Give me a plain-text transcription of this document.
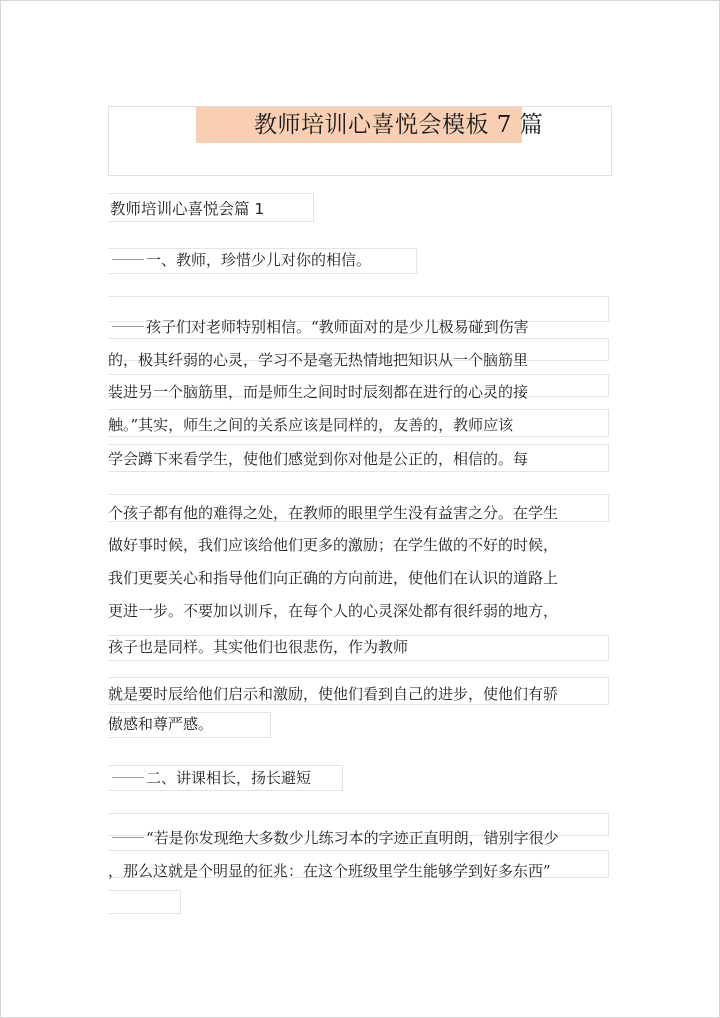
教师培训心喜悦会模板 7 篇
教师培训心喜悦会篇 1
一、教师，珍惜少儿对你的相信。
孩子们对老师特别相信。“教师面对的是少儿极易碰到伤害
的，极其纤弱的心灵，学习不是毫无热情地把知识从一个脑筋里
装进另一个脑筋里，而是师生之间时时辰刻都在进行的心灵的接
触。”其实，师生之间的关系应该是同样的，友善的，教师应该
学会蹲下来看学生，使他们感觉到你对他是公正的，相信的。每
个孩子都有他的难得之处，在教师的眼里学生没有益害之分。在学生
做好事时候，我们应该给他们更多的激励；在学生做的不好的时候，
我们更要关心和指导他们向正确的方向前进，使他们在认识的道路上
更进一步。不要加以训斥，在每个人的心灵深处都有很纤弱的地方，
孩子也是同样。其实他们也很悲伤，作为教师
就是要时辰给他们启示和激励，使他们看到自己的进步，使他们有骄
傲感和尊严感。
二、讲课相长，扬长避短
“若是你发现绝大多数少儿练习本的字迹正直明朗，错别字很少
，那么这就是个明显的征兆：在这个班级里学生能够学到好多东西”
